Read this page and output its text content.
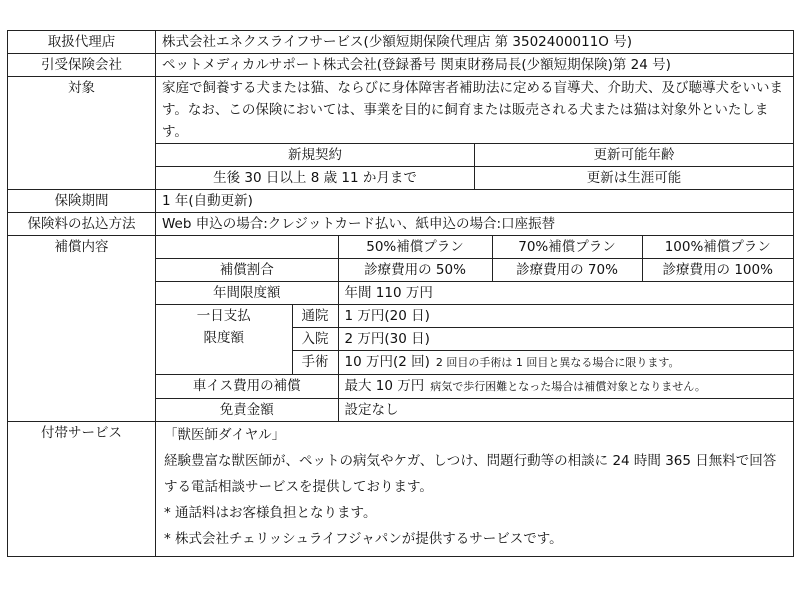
取扱代理店	株式会社エネクスライフサービス(少額短期保険代理店 第 3502400011O 号)
引受保険会社	ペットメディカルサポート株式会社(登録番号 関東財務局長(少額短期保険)第 24 号)
対象	家庭で飼養する犬または猫、ならびに身体障害者補助法に定める盲導犬、介助犬、及び聴導犬をいいます。なお、この保険においては、事業を目的に飼育または販売される犬または猫は対象外といたします。
新規契約	更新可能年齢
生後 30 日以上 8 歳 11 か月まで	更新は生涯可能

保険期間	1 年(自動更新)
保険料の払込方法	Web 申込の場合:クレジットカード払い、紙申込の場合:口座振替
補償内容	
		50%補償プラン	70%補償プラン	100%補償プラン
補償割合	診療費用の 50%	診療費用の 70%	診療費用の 100%
年間限度額	年間 110 万円

一日支払
限度額
	通院	1 万円(20 日)
入院	2 万円(30 日)
手術	10 万円(2 回) 2 回目の手術は 1 回目と異なる場合に限ります。
車イス費用の補償	最大 10 万円 病気で歩行困難となった場合は補償対象となりません。
免責金額	設定なし

付帯サービス	「獣医師ダイヤル」

経験豊富な獣医師が、ペットの病気やケガ、しつけ、問題行動等の相談に 24 時間 365 日無料で回答する電話相談サービスを提供しております。

* 通話料はお客様負担となります。

* 株式会社チェリッシュライフジャパンが提供するサービスです。
